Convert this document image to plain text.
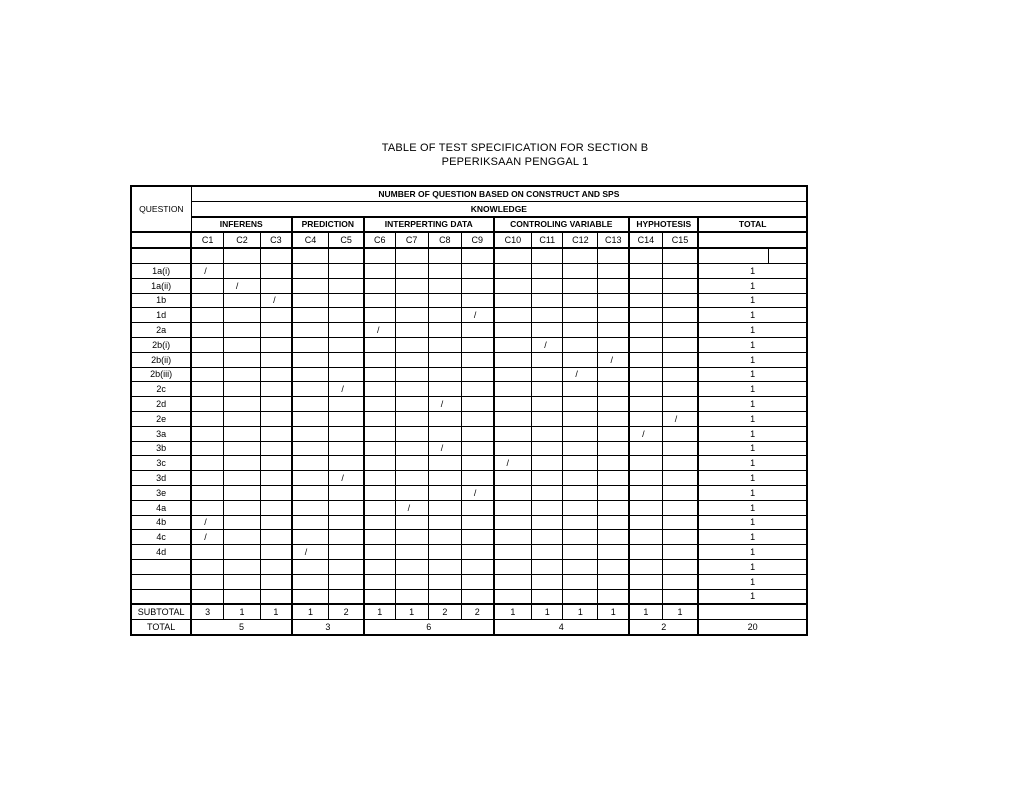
TABLE OF TEST SPECIFICATION FOR SECTION B
PEPERIKSAAN PENGGAL 1
QUESTION	NUMBER OF QUESTION BASED ON CONSTRUCT AND SPS																
	KNOWLEDGE																
	INFERENS			PREDICTION		INTERPERTING DATA				CONTROLING VARIABLE				HYPHOTESIS		TOTAL	
	C1	C2	C3	C4	C5	C6	C7	C8	C9	C10	C11	C12	C13	C14	C15		

1a(i)	/															1	
1a(ii)		/														1	
1b			/													1	
1d									/							1	
2a						/										1	
2b(i)											/					1	
2b(ii)													/			1	
2b(iii)												/				1	
2c					/											1	
2d								/								1	
2e															/	1	
3a														/		1	
3b								/								1	
3c										/						1	
3d					/											1	
3e									/							1	
4a							/									1	
4b	/															1	
4c	/															1	
4d				/												1	
																1	
																1	
																1	
SUBTOTAL	3	1	1	1	2	1	1	2	2	1	1	1	1	1	1		
TOTAL	5			3		6				4				2		20	
